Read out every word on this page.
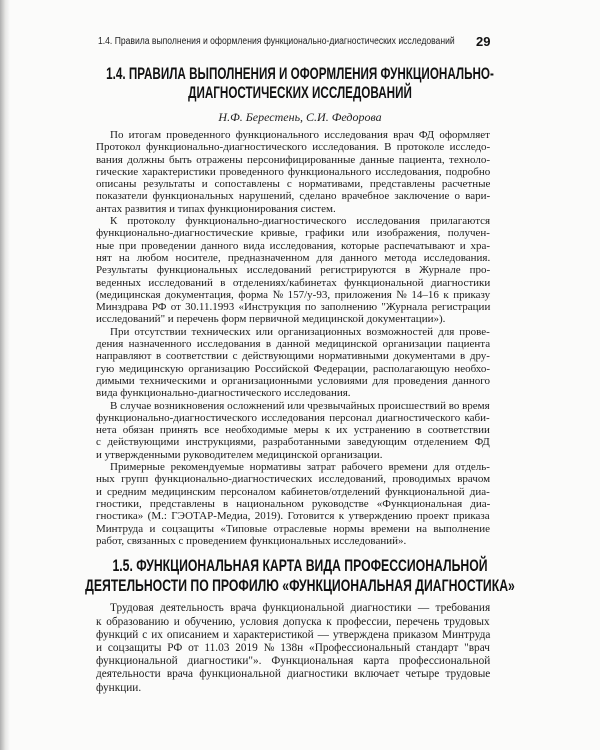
1.4. Правила выполнения и оформления функционально-диагностических исследований 29
1.4. ПРАВИЛА ВЫПОЛНЕНИЯ И ОФОРМЛЕНИЯ ФУНКЦИОНАЛЬНО-
ДИАГНОСТИЧЕСКИХ ИССЛЕДОВАНИЙ
Н.Ф. Берестень, С.И. Федорова
По итогам проведенного функционального исследования врач ФД оформляет
Протокол функционально-диагностического исследования. В протоколе исследо-
вания должны быть отражены персонифицированные данные пациента, техноло-
гические характеристики проведенного функционального исследования, подробно
описаны результаты и сопоставлены с нормативами, представлены расчетные
показатели функциональных нарушений, сделано врачебное заключение о вари-
антах развития и типах функционирования систем.
К протоколу функционально-диагностического исследования прилагаются
функционально-диагностические кривые, графики или изображения, получен-
ные при проведении данного вида исследования, которые распечатывают и хра-
нят на любом носителе, предназначенном для данного метода исследования.
Результаты функциональных исследований регистрируются в Журнале про-
веденных исследований в отделениях/кабинетах функциональной диагностики
(медицинская документация, форма № 157/у-93, приложения № 14–16 к приказу
Минздрава РФ от 30.11.1993 «Инструкция по заполнению "Журнала регистрации
исследований" и перечень форм первичной медицинской документации»).
При отсутствии технических или организационных возможностей для прове-
дения назначенного исследования в данной медицинской организации пациента
направляют в соответствии с действующими нормативными документами в дру-
гую медицинскую организацию Российской Федерации, располагающую необхо-
димыми техническими и организационными условиями для проведения данного
вида функционально-диагностического исследования.
В случае возникновения осложнений или чрезвычайных происшествий во время
функционально-диагностического исследования персонал диагностического каби-
нета обязан принять все необходимые меры к их устранению в соответствии
с действующими инструкциями, разработанными заведующим отделением ФД
и утвержденными руководителем медицинской организации.
Примерные рекомендуемые нормативы затрат рабочего времени для отдель-
ных групп функционально-диагностических исследований, проводимых врачом
и средним медицинским персоналом кабинетов/отделений функциональной диа-
гностики, представлены в национальном руководстве «Функциональная диа-
гностика» (М.: ГЭОТАР-Медиа, 2019). Готовится к утверждению проект приказа
Минтруда и соцзащиты «Типовые отраслевые нормы времени на выполнение
работ, связанных с проведением функциональных исследований».
1.5. ФУНКЦИОНАЛЬНАЯ КАРТА ВИДА ПРОФЕССИОНАЛЬНОЙ
ДЕЯТЕЛЬНОСТИ ПО ПРОФИЛЮ «ФУНКЦИОНАЛЬНАЯ ДИАГНОСТИКА»
Трудовая деятельность врача функциональной диагностики — требования
к образованию и обучению, условия допуска к профессии, перечень трудовых
функций с их описанием и характеристикой — утверждена приказом Минтруда
и соцзащиты РФ от 11.03 2019 № 138н «Профессиональный стандарт "врач
функциональной диагностики"». Функциональная карта профессиональной
деятельности врача функциональной диагностики включает четыре трудовые
функции.
